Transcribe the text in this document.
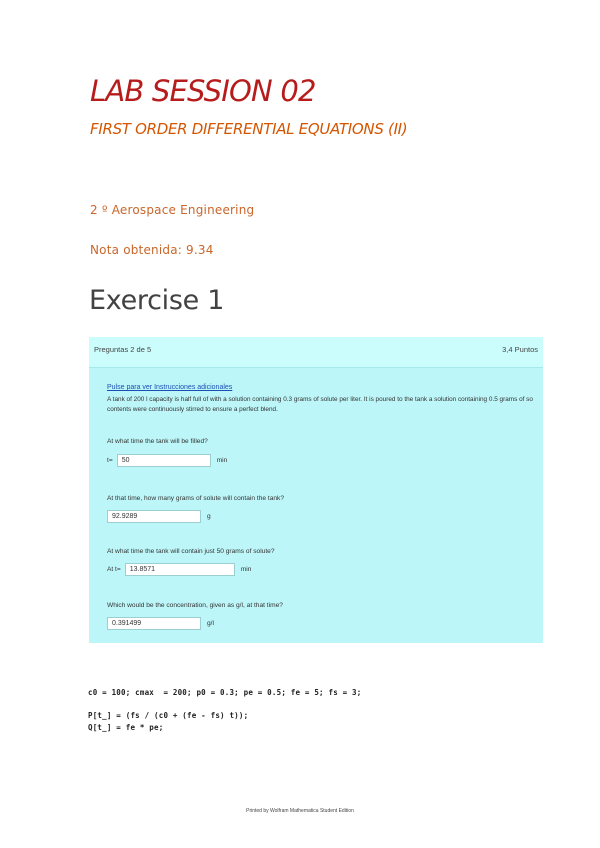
LAB SESSION 02
FIRST ORDER DIFFERENTIAL EQUATIONS (II)
2 º Aerospace Engineering
Nota obtenida: 9.34
Exercise 1
Preguntas 2 de 5	3,4 Puntos
Pulse para ver Instrucciones adicionales
A tank of 200 l capacity is half full of with a solution containing 0.3 grams of solute per liter. It is poured to the tank a solution containing 0.5 grams of so
contents were continuously stirred to ensure a perfect blend.
At what time the tank will be filled?
t=
50	min
At that time, how many grams of solute will contain the tank?
92.9289
g
At what time the tank will contain just 50 grams of solute?
At t=
13.8571	min
Which would be the concentration, given as g/l, at that time?
0.391499
g/l
c0 = 100; cmax  = 200; p0 = 0.3; pe = 0.5; fe = 5; fs = 3;
P[t_] = (fs / (c0 + (fe - fs) t));
Q[t_] = fe * pe;
Printed by Wolfram Mathematica Student Edition
